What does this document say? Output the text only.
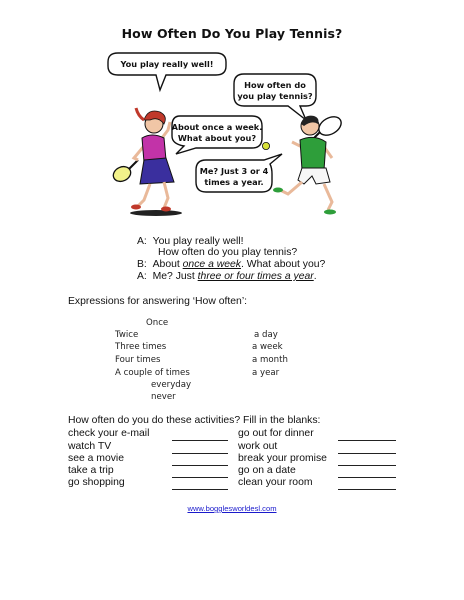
How Often Do You Play Tennis?
You play really well!
How often do
you play tennis?
About once a week.
What about you?
Me? Just 3 or 4
times a year.
A: You play really well!
How often do you play tennis?
B: About once a week. What about you?
A: Me? Just three or four times a year.
Expressions for answering ‘How often’:
Once
Twice
Three times
Four times
A couple of times
everyday
never
a day
a week
a month
a year
How often do you do these activities? Fill in the blanks:
check your e-mail
watch TV
see a movie
take a trip
go shopping
go out for dinner
work out
break your promise
go on a date
clean your room
www.bogglesworldesl.com
